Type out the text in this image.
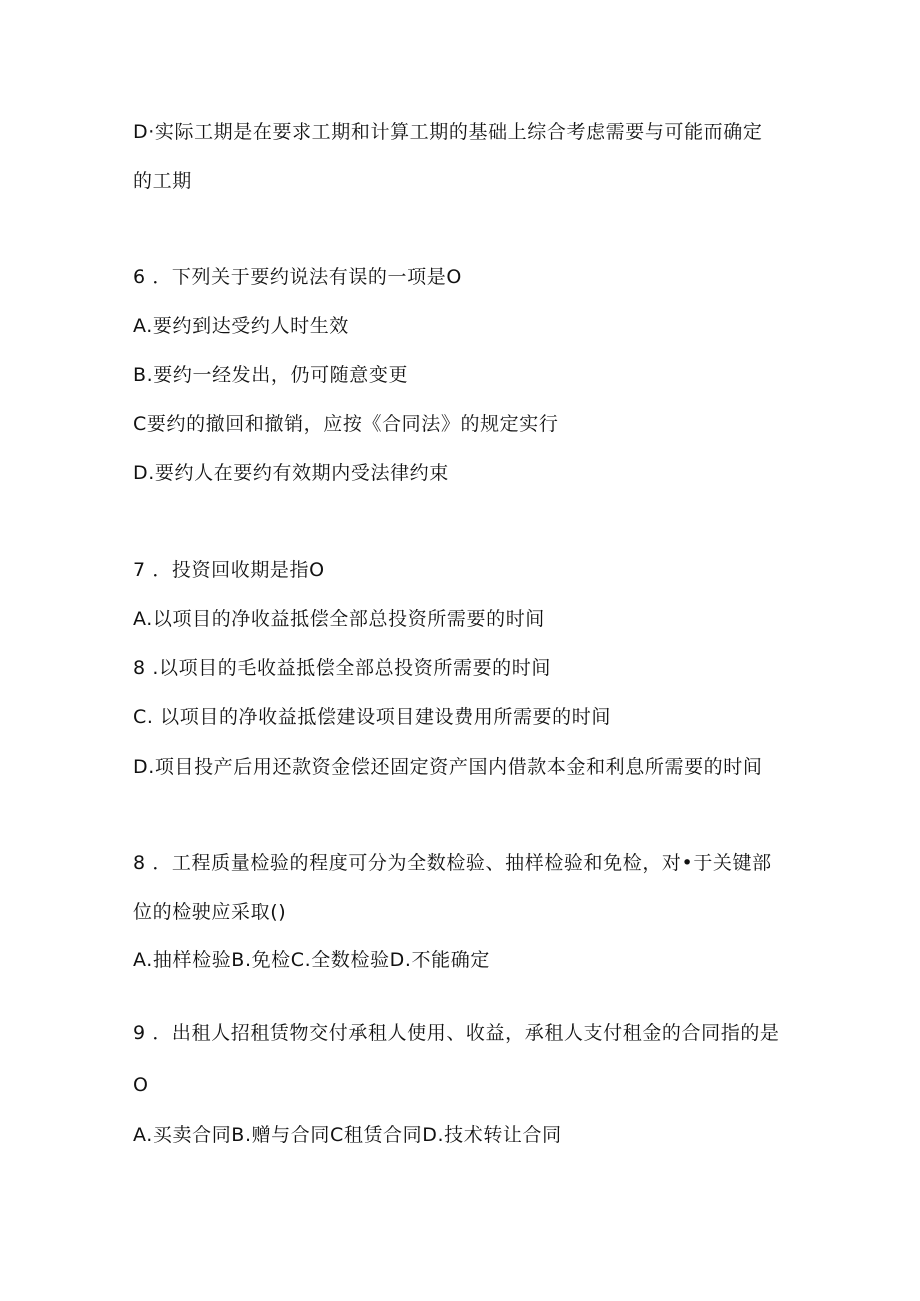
D·实际工期是在要求工期和计算工期的基础上综合考虑需要与可能而确定
的工期
6 ．下列关于要约说法有误的一项是O
A.要约到达受约人时生效
B.要约一经发出，仍可随意变更
C要约的撤回和撤销，应按《合同法》的规定实行
D.要约人在要约有效期内受法律约束
7 ．投资回收期是指O
A.以项目的净收益抵偿全部总投资所需要的时间
8 .以项目的毛收益抵偿全部总投资所需要的时间
C. 以项目的净收益抵偿建设项目建设费用所需要的时间
D.项目投产后用还款资金偿还固定资产国内借款本金和利息所需要的时间
8 ．工程质量检验的程度可分为全数检验、抽样检验和免检，对•于关键部
位的检驶应采取()
A.抽样检验B.免检C.全数检验D.不能确定
9 ．出租人招租赁物交付承租人使用、收益，承租人支付租金的合同指的是
O
A.买卖合同B.赠与合同C租赁合同D.技术转让合同
